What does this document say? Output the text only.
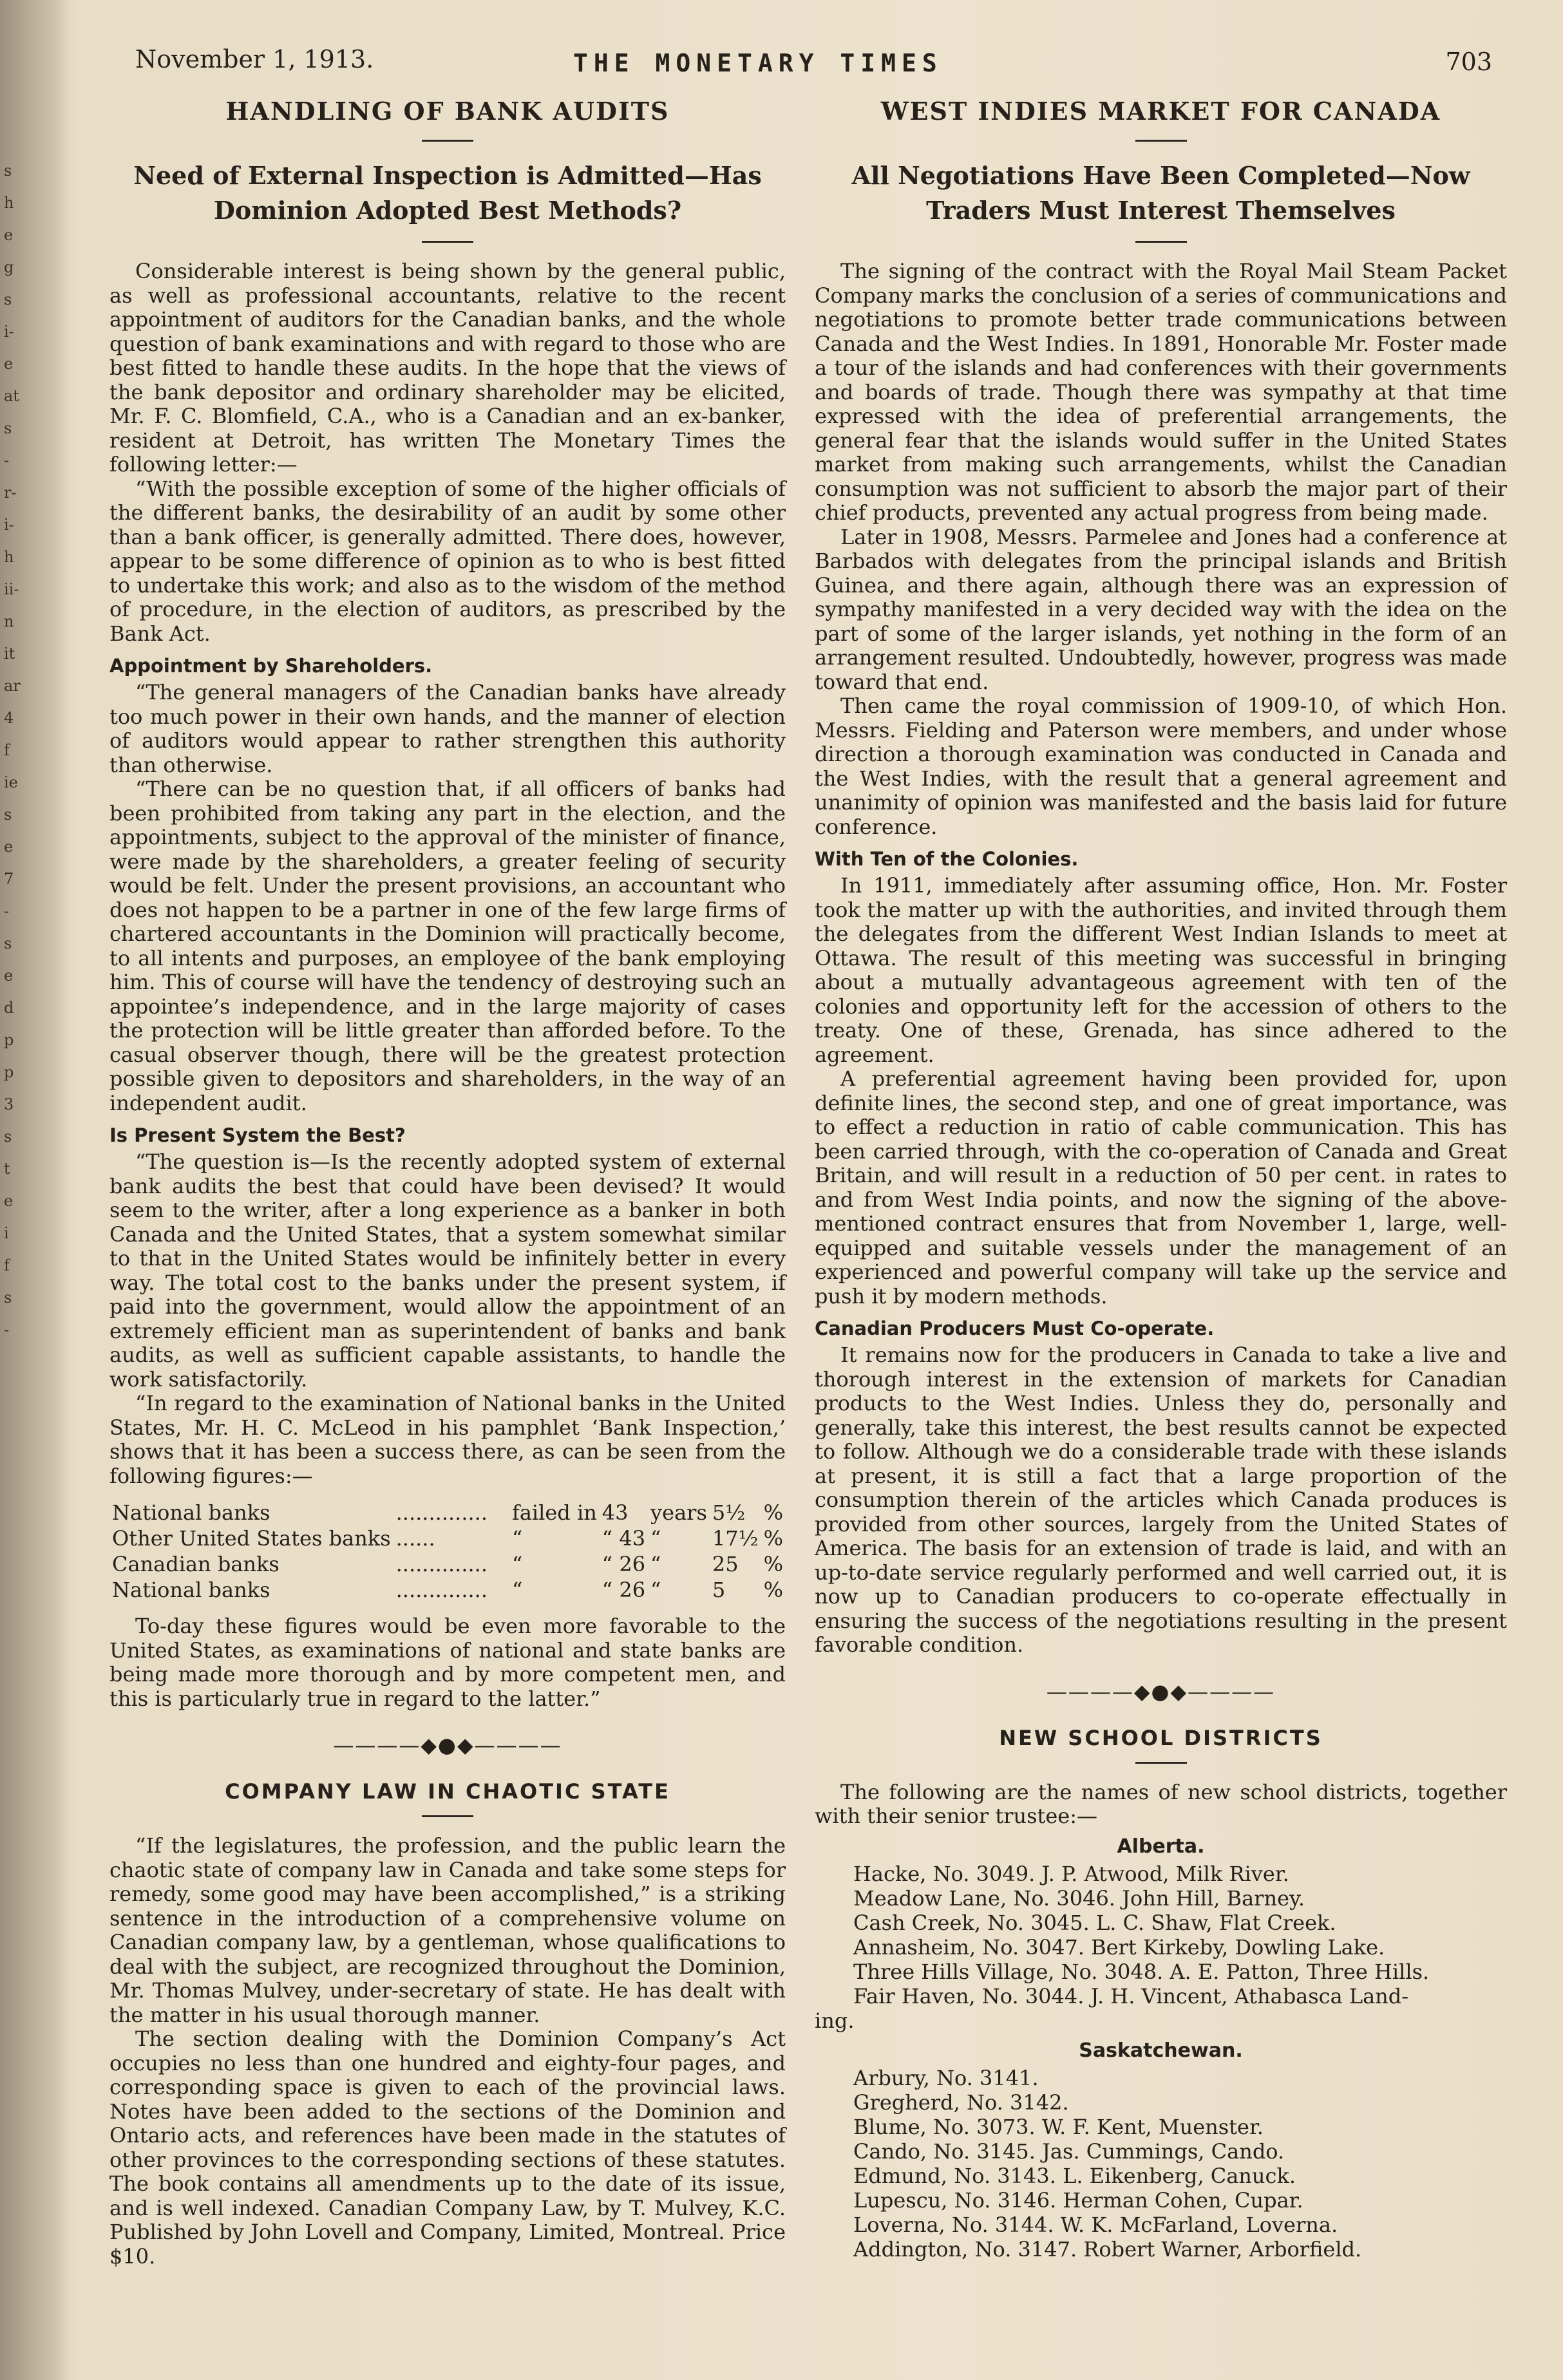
s
h
e
g
s
i-
e
at
s
-
r-
i-
h
ii-
n
it
ar
4
f
ie
s
e
7
-
s
e
d
p
p
3
s
t
e
i
f
s
-
November 1, 1913.	THE MONETARY TIMES	703
HANDLING OF BANK AUDITS
Need of External Inspection is Admitted—Has Dominion Adopted Best Methods?

Considerable interest is being shown by the general public, as well as professional accountants, relative to the recent appointment of auditors for the Canadian banks, and the whole question of bank examinations and with regard to those who are best fitted to handle these audits. In the hope that the views of the bank depositor and ordinary shareholder may be elicited, Mr. F. C. Blomfield, C.A., who is a Canadian and an ex-banker, resident at Detroit, has written The Monetary Times the following letter:—

“With the possible exception of some of the higher officials of the different banks, the desirability of an audit by some other than a bank officer, is generally admitted. There does, however, appear to be some difference of opinion as to who is best fitted to undertake this work; and also as to the wisdom of the method of procedure, in the election of auditors, as prescribed by the Bank Act.

Appointment by Shareholders.

“The general managers of the Canadian banks have already too much power in their own hands, and the manner of election of auditors would appear to rather strengthen this authority than otherwise.

“There can be no question that, if all officers of banks had been prohibited from taking any part in the election, and the appointments, subject to the approval of the minister of finance, were made by the shareholders, a greater feeling of security would be felt. Under the present provisions, an accountant who does not happen to be a partner in one of the few large firms of chartered accountants in the Dominion will practically become, to all intents and purposes, an employee of the bank employing him. This of course will have the tendency of destroying such an appointee’s independence, and in the large majority of cases the protection will be little greater than afforded before. To the casual observer though, there will be the greatest protection possible given to depositors and shareholders, in the way of an independent audit.

Is Present System the Best?

“The question is—Is the recently adopted system of external bank audits the best that could have been devised? It would seem to the writer, after a long experience as a banker in both Canada and the United States, that a system somewhat similar to that in the United States would be infinitely better in every way. The total cost to the banks under the present system, if paid into the government, would allow the appointment of an extremely efficient man as superintendent of banks and bank audits, as well as sufficient capable assistants, to handle the work satisfactorily.

“In regard to the examination of National banks in the United States, Mr. H. C. McLeod in his pamphlet ‘Bank Inspection,’ shows that it has been a success there, as can be seen from the following figures:—

National banks	..............	failed in	43	years	5½	%
Other United States banks	......	“	“ 43	“	17½	%
Canadian banks	..............	“	“ 26	“	25	%
National banks	..............	“	“ 26	“	5	%

To-day these figures would be even more favorable to the United States, as examinations of national and state banks are being made more thorough and by more competent men, and this is particularly true in regard to the latter.”

————◆●◆————
COMPANY LAW IN CHAOTIC STATE

“If the legislatures, the profession, and the public learn the chaotic state of company law in Canada and take some steps for remedy, some good may have been accomplished,” is a striking sentence in the introduction of a comprehensive volume on Canadian company law, by a gentleman, whose qualifications to deal with the subject, are recognized throughout the Dominion, Mr. Thomas Mulvey, under-secretary of state. He has dealt with the matter in his usual thorough manner.

The section dealing with the Dominion Company’s Act occupies no less than one hundred and eighty-four pages, and corresponding space is given to each of the provincial laws. Notes have been added to the sections of the Dominion and Ontario acts, and references have been made in the statutes of other provinces to the corresponding sections of these statutes. The book contains all amendments up to the date of its issue, and is well indexed. Canadian Company Law, by T. Mulvey, K.C. Published by John Lovell and Company, Limited, Montreal. Price $10.

WEST INDIES MARKET FOR CANADA
All Negotiations Have Been Completed—Now Traders Must Interest Themselves

The signing of the contract with the Royal Mail Steam Packet Company marks the conclusion of a series of communications and negotiations to promote better trade communications between Canada and the West Indies. In 1891, Honorable Mr. Foster made a tour of the islands and had conferences with their governments and boards of trade. Though there was sympathy at that time expressed with the idea of preferential arrangements, the general fear that the islands would suffer in the United States market from making such arrangements, whilst the Canadian consumption was not sufficient to absorb the major part of their chief products, prevented any actual progress from being made.

Later in 1908, Messrs. Parmelee and Jones had a conference at Barbados with delegates from the principal islands and British Guinea, and there again, although there was an expression of sympathy manifested in a very decided way with the idea on the part of some of the larger islands, yet nothing in the form of an arrangement resulted. Undoubtedly, however, progress was made toward that end.

Then came the royal commission of 1909-10, of which Hon. Messrs. Fielding and Paterson were members, and under whose direction a thorough examination was conducted in Canada and the West Indies, with the result that a general agreement and unanimity of opinion was manifested and the basis laid for future conference.

With Ten of the Colonies.

In 1911, immediately after assuming office, Hon. Mr. Foster took the matter up with the authorities, and invited through them the delegates from the different West Indian Islands to meet at Ottawa. The result of this meeting was successful in bringing about a mutually advantageous agreement with ten of the colonies and opportunity left for the accession of others to the treaty. One of these, Grenada, has since adhered to the agreement.

A preferential agreement having been provided for, upon definite lines, the second step, and one of great importance, was to effect a reduction in ratio of cable communication. This has been carried through, with the co-operation of Canada and Great Britain, and will result in a reduction of 50 per cent. in rates to and from West India points, and now the signing of the above-mentioned contract ensures that from November 1, large, well-equipped and suitable vessels under the management of an experienced and powerful company will take up the service and push it by modern methods.

Canadian Producers Must Co-operate.

It remains now for the producers in Canada to take a live and thorough interest in the extension of markets for Canadian products to the West Indies. Unless they do, personally and generally, take this interest, the best results cannot be expected to follow. Although we do a considerable trade with these islands at present, it is still a fact that a large proportion of the consumption therein of the articles which Canada produces is provided from other sources, largely from the United States of America. The basis for an extension of trade is laid, and with an up-to-date service regularly performed and well carried out, it is now up to Canadian producers to co-operate effectually in ensuring the success of the negotiations resulting in the present favorable condition.

————◆●◆————
NEW SCHOOL DISTRICTS

The following are the names of new school districts, together with their senior trustee:—

Alberta.
Hacke, No. 3049. J. P. Atwood, Milk River.
Meadow Lane, No. 3046. John Hill, Barney.
Cash Creek, No. 3045. L. C. Shaw, Flat Creek.
Annasheim, No. 3047. Bert Kirkeby, Dowling Lake.
Three Hills Village, No. 3048. A. E. Patton, Three Hills.
Fair Haven, No. 3044. J. H. Vincent, Athabasca Land-
ing.
Saskatchewan.
Arbury, No. 3141.
Gregherd, No. 3142.
Blume, No. 3073. W. F. Kent, Muenster.
Cando, No. 3145. Jas. Cummings, Cando.
Edmund, No. 3143. L. Eikenberg, Canuck.
Lupescu, No. 3146. Herman Cohen, Cupar.
Loverna, No. 3144. W. K. McFarland, Loverna.
Addington, No. 3147. Robert Warner, Arborfield.
